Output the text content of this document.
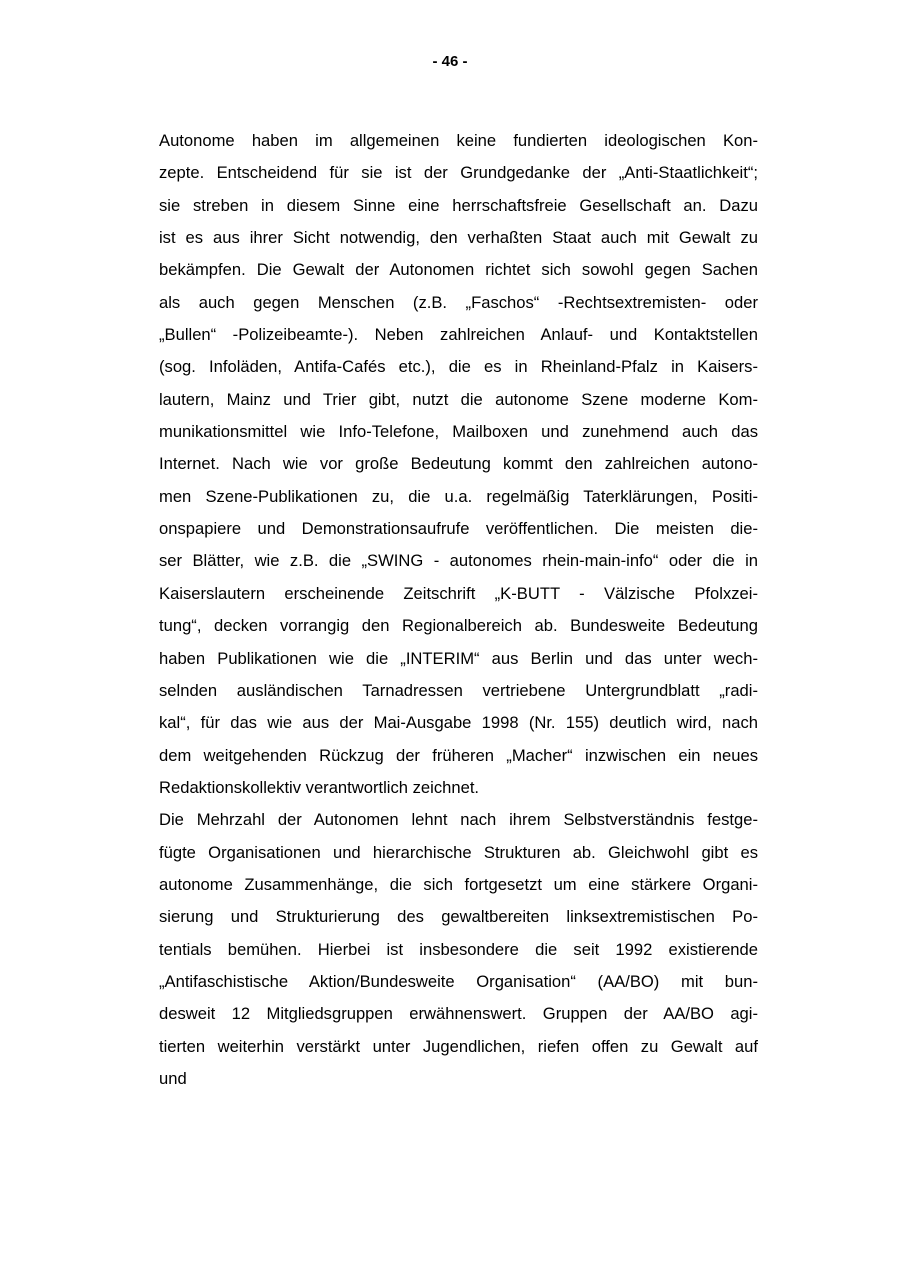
- 46 -
Autonome haben im allgemeinen keine fundierten ideologischen Kon-
zepte. Entscheidend für sie ist der Grundgedanke der „Anti-Staatlichkeit“;
sie streben in diesem Sinne eine herrschaftsfreie Gesellschaft an. Dazu
ist es aus ihrer Sicht notwendig, den verhaßten Staat auch mit Gewalt zu
bekämpfen. Die Gewalt der Autonomen richtet sich sowohl gegen Sachen
als auch gegen Menschen (z.B. „Faschos“ -Rechtsextremisten- oder
„Bullen“ -Polizeibeamte-). Neben zahlreichen Anlauf- und Kontaktstellen
(sog. Infoläden, Antifa-Cafés etc.), die es in Rheinland-Pfalz in Kaisers-
lautern, Mainz und Trier gibt, nutzt die autonome Szene moderne Kom-
munikationsmittel wie Info-Telefone, Mailboxen und zunehmend auch das
Internet. Nach wie vor große Bedeutung kommt den zahlreichen autono-
men Szene-Publikationen zu, die u.a. regelmäßig Taterklärungen, Positi-
onspapiere und Demonstrationsaufrufe veröffentlichen. Die meisten die-
ser Blätter, wie z.B. die „SWING - autonomes rhein-main-info“ oder die in
Kaiserslautern erscheinende Zeitschrift „K-BUTT - Välzische Pfolxzei-
tung“, decken vorrangig den Regionalbereich ab. Bundesweite Bedeutung
haben Publikationen wie die „INTERIM“ aus Berlin und das unter wech-
selnden ausländischen Tarnadressen vertriebene Untergrundblatt „radi-
kal“, für das wie aus der Mai-Ausgabe 1998 (Nr. 155) deutlich wird, nach
dem weitgehenden Rückzug der früheren „Macher“ inzwischen ein neues
Redaktionskollektiv verantwortlich zeichnet.
Die Mehrzahl der Autonomen lehnt nach ihrem Selbstverständnis festge-
fügte Organisationen und hierarchische Strukturen ab. Gleichwohl gibt es
autonome Zusammenhänge, die sich fortgesetzt um eine stärkere Organi-
sierung und Strukturierung des gewaltbereiten linksextremistischen Po-
tentials bemühen. Hierbei ist insbesondere die seit 1992 existierende
„Antifaschistische Aktion/Bundesweite Organisation“ (AA/BO) mit bun-
desweit 12 Mitgliedsgruppen erwähnenswert. Gruppen der AA/BO agi-
tierten weiterhin verstärkt unter Jugendlichen, riefen offen zu Gewalt auf
und
